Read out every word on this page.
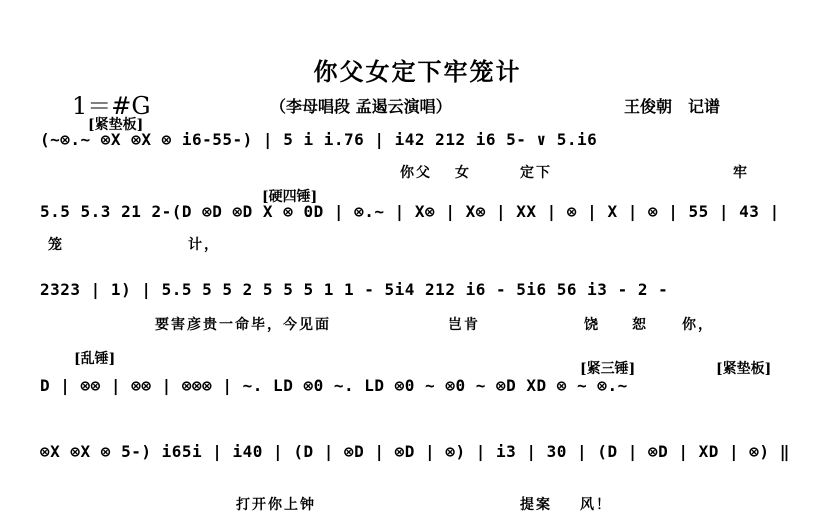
你父女定下牢笼计
1＝#G	（李母唱段 孟遏云演唱）	王俊朝　记谱
[紧垫板]
(~⊗.~ ⊗X ⊗X ⊗ i6-55-) | 5 i i.76 | i42 212 i6 5- ∨ 5.i6
你父 女	定下	牢
[硬四锤]
5.5 5.3 21 2-(D ⊗D ⊗D X ⊗ 0D | ⊗.~ | X⊗ | X⊗ | XX | ⊗ | X | ⊗ | 55 | 43 |
笼	计，
2323 | 1) | 5.5 5 5 2 5 5 5 1 1 - 5i4 212 i6 - 5i6 56 i3 - 2 -
要害彦贵一命毕，今见面	岂肯	饶 恕 你，
[乱锤]
[紧三锤]	[紧垫板]
D | ⊗⊗ | ⊗⊗ | ⊗⊗⊗ | ~. LD ⊗0 ~. LD ⊗0 ~ ⊗0 ~ ⊗D XD ⊗ ~ ⊗.~
⊗X ⊗X ⊗ 5-) i65i | i40 | (D | ⊗D | ⊗D | ⊗) | i3 | 30 | (D | ⊗D | XD | ⊗) ‖
打开你上钟	提案 风！
